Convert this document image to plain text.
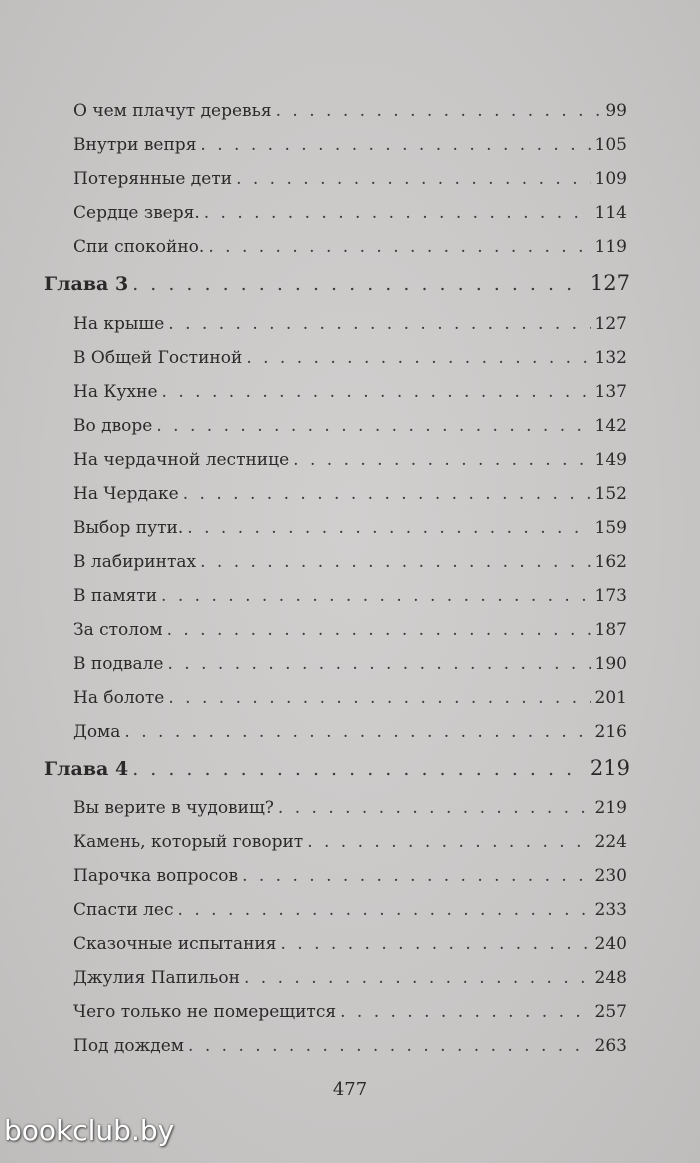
О чем плачут деревья . . .	99
Внутри вепря . . .	105
Потерянные дети . . .	109
Сердце зверя. . . .	114
Спи спокойно. . . .	119
Глава 3 . . .	127
На крыше . . .	127
В Общей Гостиной . . .	132
На Кухне . . .	137
Во дворе . . .	142
На чердачной лестнице . . .	149
На Чердаке . . .	152
Выбор пути. . . .	159
В лабиринтах . . .	162
В памяти . . .	173
За столом . . .	187
В подвале . . .	190
На болоте . . .	201
Дома . . .	216
Глава 4 . . .	219
Вы верите в чудовищ? . . .	219
Камень, который говорит . . .	224
Парочка вопросов . . .	230
Спасти лес . . .	233
Сказочные испытания . . .	240
Джулия Папильон . . .	248
Чего только не померещится . . .	257
Под дождем . . .	263
477
bookclub.by
